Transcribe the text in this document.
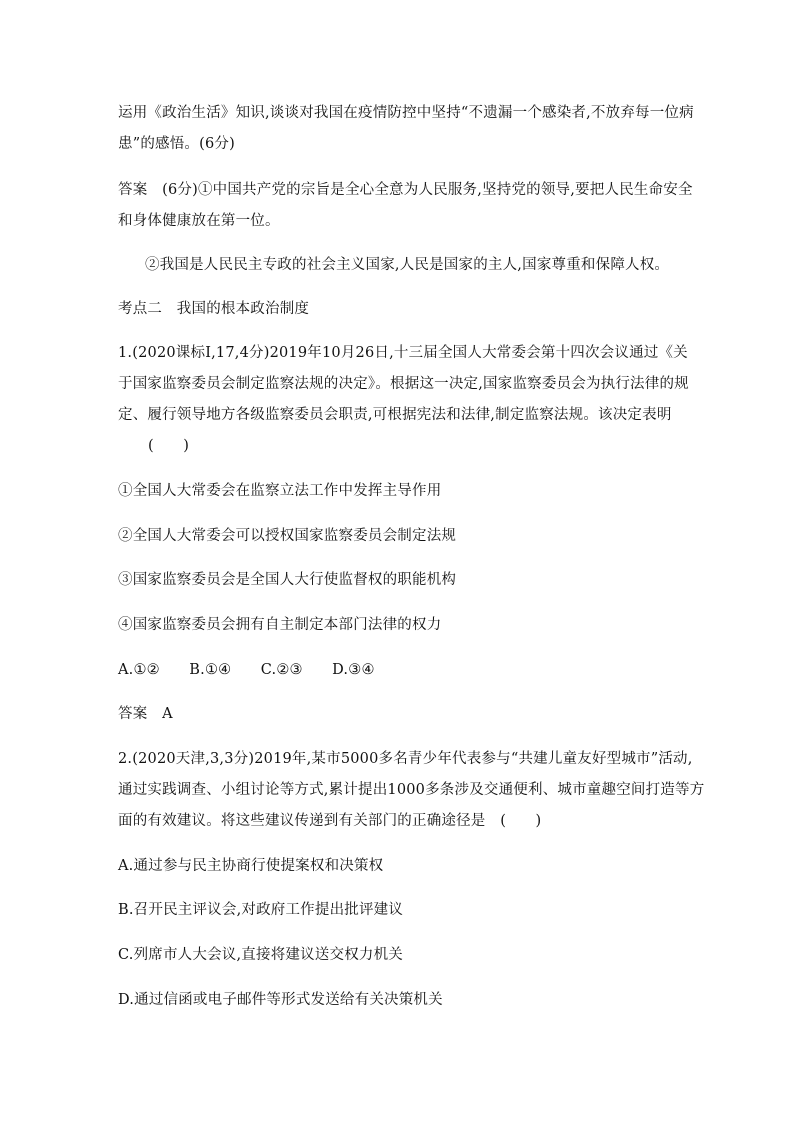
运用《政治生活》知识,谈谈对我国在疫情防控中坚持“不遗漏一个感染者,不放弃每一位病
患”的感悟。(6分)
答案　(6分)①中国共产党的宗旨是全心全意为人民服务,坚持党的领导,要把人民生命安全
和身体健康放在第一位。
②我国是人民民主专政的社会主义国家,人民是国家的主人,国家尊重和保障人权。
考点二　我国的根本政治制度
1.(2020课标Ⅰ,17,4分)2019年10月26日,十三届全国人大常委会第十四次会议通过《关
于国家监察委员会制定监察法规的决定》。根据这一决定,国家监察委员会为执行法律的规
定、履行领导地方各级监察委员会职责,可根据宪法和法律,制定监察法规。该决定表明
(　　)
①全国人大常委会在监察立法工作中发挥主导作用
②全国人大常委会可以授权国家监察委员会制定法规
③国家监察委员会是全国人大行使监督权的职能机构
④国家监察委员会拥有自主制定本部门法律的权力
A.①②　　B.①④　　C.②③　　D.③④
答案　A
2.(2020天津,3,3分)2019年,某市5000多名青少年代表参与“共建儿童友好型城市”活动,
通过实践调查、小组讨论等方式,累计提出1000多条涉及交通便利、城市童趣空间打造等方
面的有效建议。将这些建议传递到有关部门的正确途径是　(　　)
A.通过参与民主协商行使提案权和决策权
B.召开民主评议会,对政府工作提出批评建议
C.列席市人大会议,直接将建议送交权力机关
D.通过信函或电子邮件等形式发送给有关决策机关
